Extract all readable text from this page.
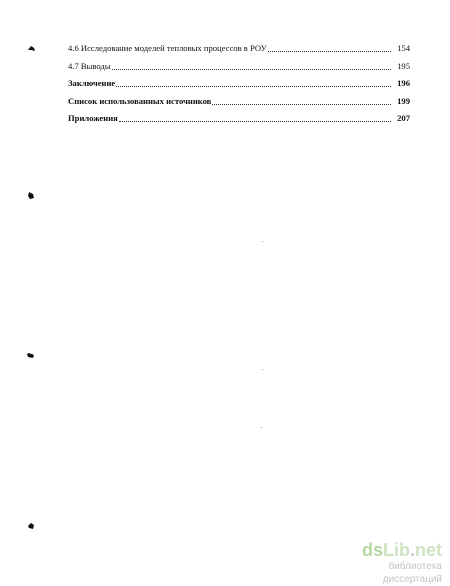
4.6 Исследование моделей тепловых процессов в РОУ	154
4.7 Выводы	195
Заключение	196
Список использованных источников	199
Приложения	207
dsLib.net
библиотека диссертаций
